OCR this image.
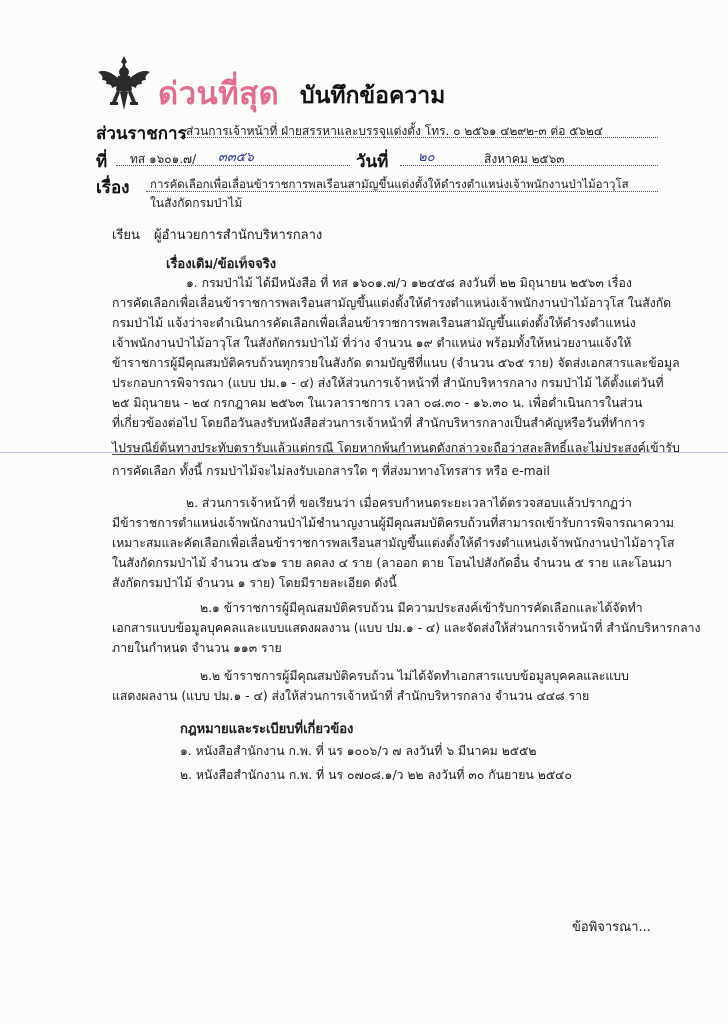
ด่วนที่สุด บันทึกข้อความ
ส่วนราชการ ส่วนการเจ้าหน้าที่ ฝ่ายสรรหาและบรรจุแต่งตั้ง โทร. ๐ ๒๕๖๑ ๔๒๙๒-๓ ต่อ ๕๖๒๔
ที่ ทส ๑๖๐๑.๗/ ๓๓๕๖	วันที่ ๒๐	สิงหาคม ๒๕๖๓
เรื่อง การคัดเลือกเพื่อเลื่อนข้าราชการพลเรือนสามัญขึ้นแต่งตั้งให้ดำรงตำแหน่งเจ้าพนักงานป่าไม้อาวุโส
ในสังกัดกรมป่าไม้
เรียน ผู้อำนวยการสำนักบริหารกลาง
เรื่องเดิม/ข้อเท็จจริง
๑. กรมป่าไม้ ได้มีหนังสือ ที่ ทส ๑๖๐๑.๗/ว ๑๒๔๕๘ ลงวันที่ ๒๒ มิถุนายน ๒๕๖๓ เรื่อง
การคัดเลือกเพื่อเลื่อนข้าราชการพลเรือนสามัญขึ้นแต่งตั้งให้ดำรงตำแหน่งเจ้าพนักงานป่าไม้อาวุโส ในสังกัด
กรมป่าไม้ แจ้งว่าจะดำเนินการคัดเลือกเพื่อเลื่อนข้าราชการพลเรือนสามัญขึ้นแต่งตั้งให้ดำรงตำแหน่ง
เจ้าพนักงานป่าไม้อาวุโส ในสังกัดกรมป่าไม้ ที่ว่าง จำนวน ๑๙ ตำแหน่ง พร้อมทั้งให้หน่วยงานแจ้งให้
ข้าราชการผู้มีคุณสมบัติครบถ้วนทุกรายในสังกัด ตามบัญชีที่แนบ (จำนวน ๕๖๕ ราย) จัดส่งเอกสารและข้อมูล
ประกอบการพิจารณา (แบบ ปม.๑ - ๔) ส่งให้ส่วนการเจ้าหน้าที่ สำนักบริหารกลาง กรมป่าไม้ ได้ตั้งแต่วันที่
๒๕ มิถุนายน - ๒๔ กรกฎาคม ๒๕๖๓ ในเวลาราชการ เวลา ๐๘.๓๐ - ๑๖.๓๐ น. เพื่อดำเนินการในส่วน
ที่เกี่ยวข้องต่อไป โดยถือวันลงรับหนังสือส่วนการเจ้าหน้าที่ สำนักบริหารกลางเป็นสำคัญหรือวันที่ทำการ
ไปรษณีย์ต้นทางประทับตรารับแล้วแต่กรณี โดยหากพ้นกำหนดดังกล่าวจะถือว่าสละสิทธิ์และไม่ประสงค์เข้ารับ
การคัดเลือก ทั้งนี้ กรมป่าไม้จะไม่ลงรับเอกสารใด ๆ ที่ส่งมาทางโทรสาร หรือ e-mail
๒. ส่วนการเจ้าหน้าที่ ขอเรียนว่า เมื่อครบกำหนดระยะเวลาได้ตรวจสอบแล้วปรากฏว่า
มีข้าราชการตำแหน่งเจ้าพนักงานป่าไม้ชำนาญงานผู้มีคุณสมบัติครบถ้วนที่สามารถเข้ารับการพิจารณาความ
เหมาะสมและคัดเลือกเพื่อเลื่อนข้าราชการพลเรือนสามัญขึ้นแต่งตั้งให้ดำรงตำแหน่งเจ้าพนักงานป่าไม้อาวุโส
ในสังกัดกรมป่าไม้ จำนวน ๕๖๑ ราย ลดลง ๔ ราย (ลาออก ตาย โอนไปสังกัดอื่น จำนวน ๕ ราย และโอนมา
สังกัดกรมป่าไม้ จำนวน ๑ ราย) โดยมีรายละเอียด ดังนี้
๒.๑ ข้าราชการผู้มีคุณสมบัติครบถ้วน มีความประสงค์เข้ารับการคัดเลือกและได้จัดทำ
เอกสารแบบข้อมูลบุคคลและแบบแสดงผลงาน (แบบ ปม.๑ - ๔) และจัดส่งให้ส่วนการเจ้าหน้าที่ สำนักบริหารกลาง
ภายในกำหนด จำนวน ๑๑๓ ราย
๒.๒ ข้าราชการผู้มีคุณสมบัติครบถ้วน ไม่ได้จัดทำเอกสารแบบข้อมูลบุคคลและแบบ
แสดงผลงาน (แบบ ปม.๑ - ๔) ส่งให้ส่วนการเจ้าหน้าที่ สำนักบริหารกลาง จำนวน ๔๔๘ ราย
กฎหมายและระเบียบที่เกี่ยวข้อง
๑. หนังสือสำนักงาน ก.พ. ที่ นร ๑๐๐๖/ว ๗ ลงวันที่ ๖ มีนาคม ๒๕๕๒
๒. หนังสือสำนักงาน ก.พ. ที่ นร ๐๗๐๘.๑/ว ๒๒ ลงวันที่ ๓๐ กันยายน ๒๕๔๐
ข้อพิจารณา...
